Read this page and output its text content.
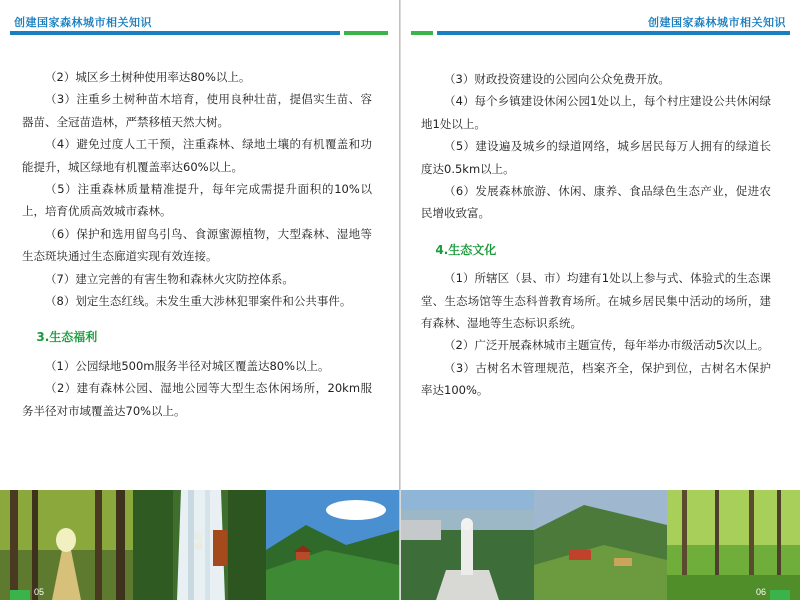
创建国家森林城市相关知识

（2）城区乡土树种使用率达80%以上。

（3）注重乡土树种苗木培育，使用良种壮苗，提倡实生苗、容器苗、全冠苗造林，严禁移植天然大树。

（4）避免过度人工干预，注重森林、绿地土壤的有机覆盖和功能提升，城区绿地有机覆盖率达60%以上。

（5）注重森林质量精准提升，每年完成需提升面积的10%以上，培育优质高效城市森林。

（6）保护和选用留鸟引鸟、食源蜜源植物，大型森林、湿地等生态斑块通过生态廊道实现有效连接。

（7）建立完善的有害生物和森林火灾防控体系。

（8）划定生态红线。未发生重大涉林犯罪案件和公共事件。

3.生态福利

（1）公园绿地500m服务半径对城区覆盖达80%以上。

（2）建有森林公园、湿地公园等大型生态休闲场所，20km服务半径对市域覆盖达70%以上。

仙福
05
创建国家森林城市相关知识

（3）财政投资建设的公园向公众免费开放。

（4）每个乡镇建设休闲公园1处以上，每个村庄建设公共休闲绿地1处以上。

（5）建设遍及城乡的绿道网络，城乡居民每万人拥有的绿道长度达0.5km以上。

（6）发展森林旅游、休闲、康养、食品绿色生态产业，促进农民增收致富。

4.生态文化

（1）所辖区（县、市）均建有1处以上参与式、体验式的生态课堂、生态场馆等生态科普教育场所。在城乡居民集中活动的场所，建有森林、湿地等生态标识系统。

（2）广泛开展森林城市主题宣传，每年举办市级活动5次以上。

（3）古树名木管理规范，档案齐全，保护到位，古树名木保护率达100%。

06
